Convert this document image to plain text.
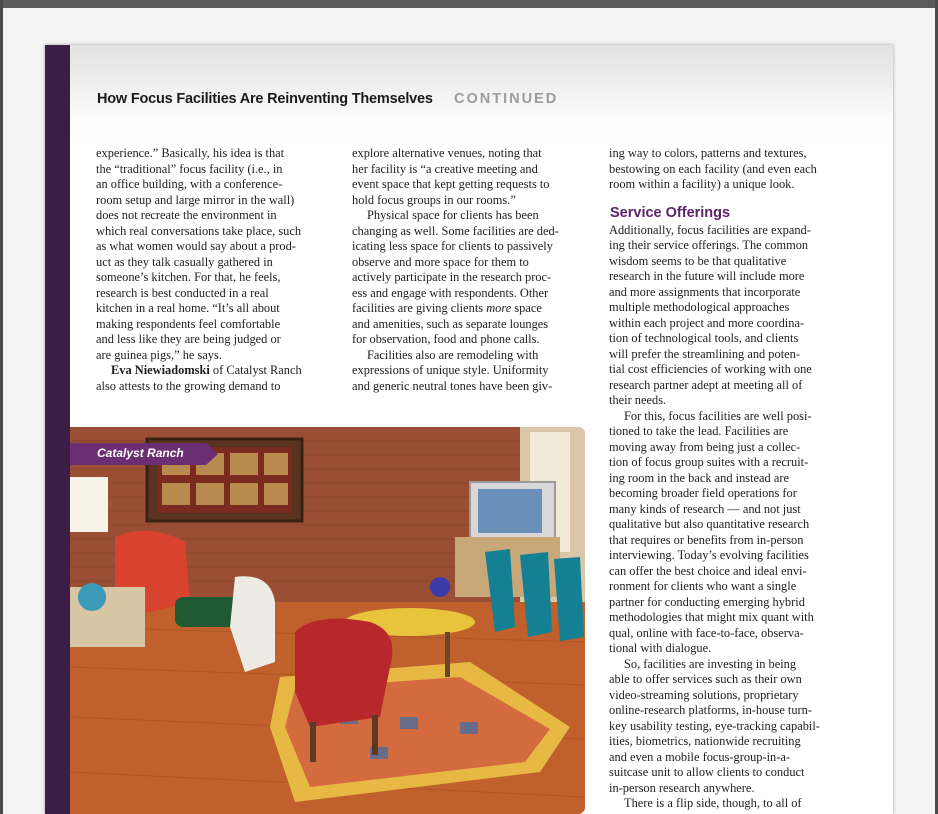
How Focus Facilities Are Reinventing Themselves CONTINUED

experience.” Basically, his idea is that

the “traditional” focus facility (i.e., in

an office building, with a conference-

room setup and large mirror in the wall)

does not recreate the environment in

which real conversations take place, such

as what women would say about a prod-

uct as they talk casually gathered in

someone’s kitchen. For that, he feels,

research is best conducted in a real

kitchen in a real home. “It’s all about

making respondents feel comfortable

and less like they are being judged or

are guinea pigs,” he says.

Eva Niewiadomski of Catalyst Ranch

also attests to the growing demand to

explore alternative venues, noting that

her facility is “a creative meeting and

event space that kept getting requests to

hold focus groups in our rooms.”

Physical space for clients has been

changing as well. Some facilities are ded-

icating less space for clients to passively

observe and more space for them to

actively participate in the research proc-

ess and engage with respondents. Other

facilities are giving clients more space

and amenities, such as separate lounges

for observation, food and phone calls.

Facilities also are remodeling with

expressions of unique style. Uniformity

and generic neutral tones have been giv-

ing way to colors, patterns and textures,

bestowing on each facility (and even each

room within a facility) a unique look.

Service Offerings

Additionally, focus facilities are expand-

ing their service offerings. The common

wisdom seems to be that qualitative

research in the future will include more

and more assignments that incorporate

multiple methodological approaches

within each project and more coordina-

tion of technological tools, and clients

will prefer the streamlining and poten-

tial cost efficiencies of working with one

research partner adept at meeting all of

their needs.

For this, focus facilities are well posi-

tioned to take the lead. Facilities are

moving away from being just a collec-

tion of focus group suites with a recruit-

ing room in the back and instead are

becoming broader field operations for

many kinds of research — and not just

qualitative but also quantitative research

that requires or benefits from in-person

interviewing. Today’s evolving facilities

can offer the best choice and ideal envi-

ronment for clients who want a single

partner for conducting emerging hybrid

methodologies that might mix quant with

qual, online with face-to-face, observa-

tional with dialogue.

So, facilities are investing in being

able to offer services such as their own

video-streaming solutions, proprietary

online-research platforms, in-house turn-

key usability testing, eye-tracking capabil-

ities, biometrics, nationwide recruiting

and even a mobile focus-group-in-a-

suitcase unit to allow clients to conduct

in-person research anywhere.

There is a flip side, though, to all of

Catalyst Ranch
